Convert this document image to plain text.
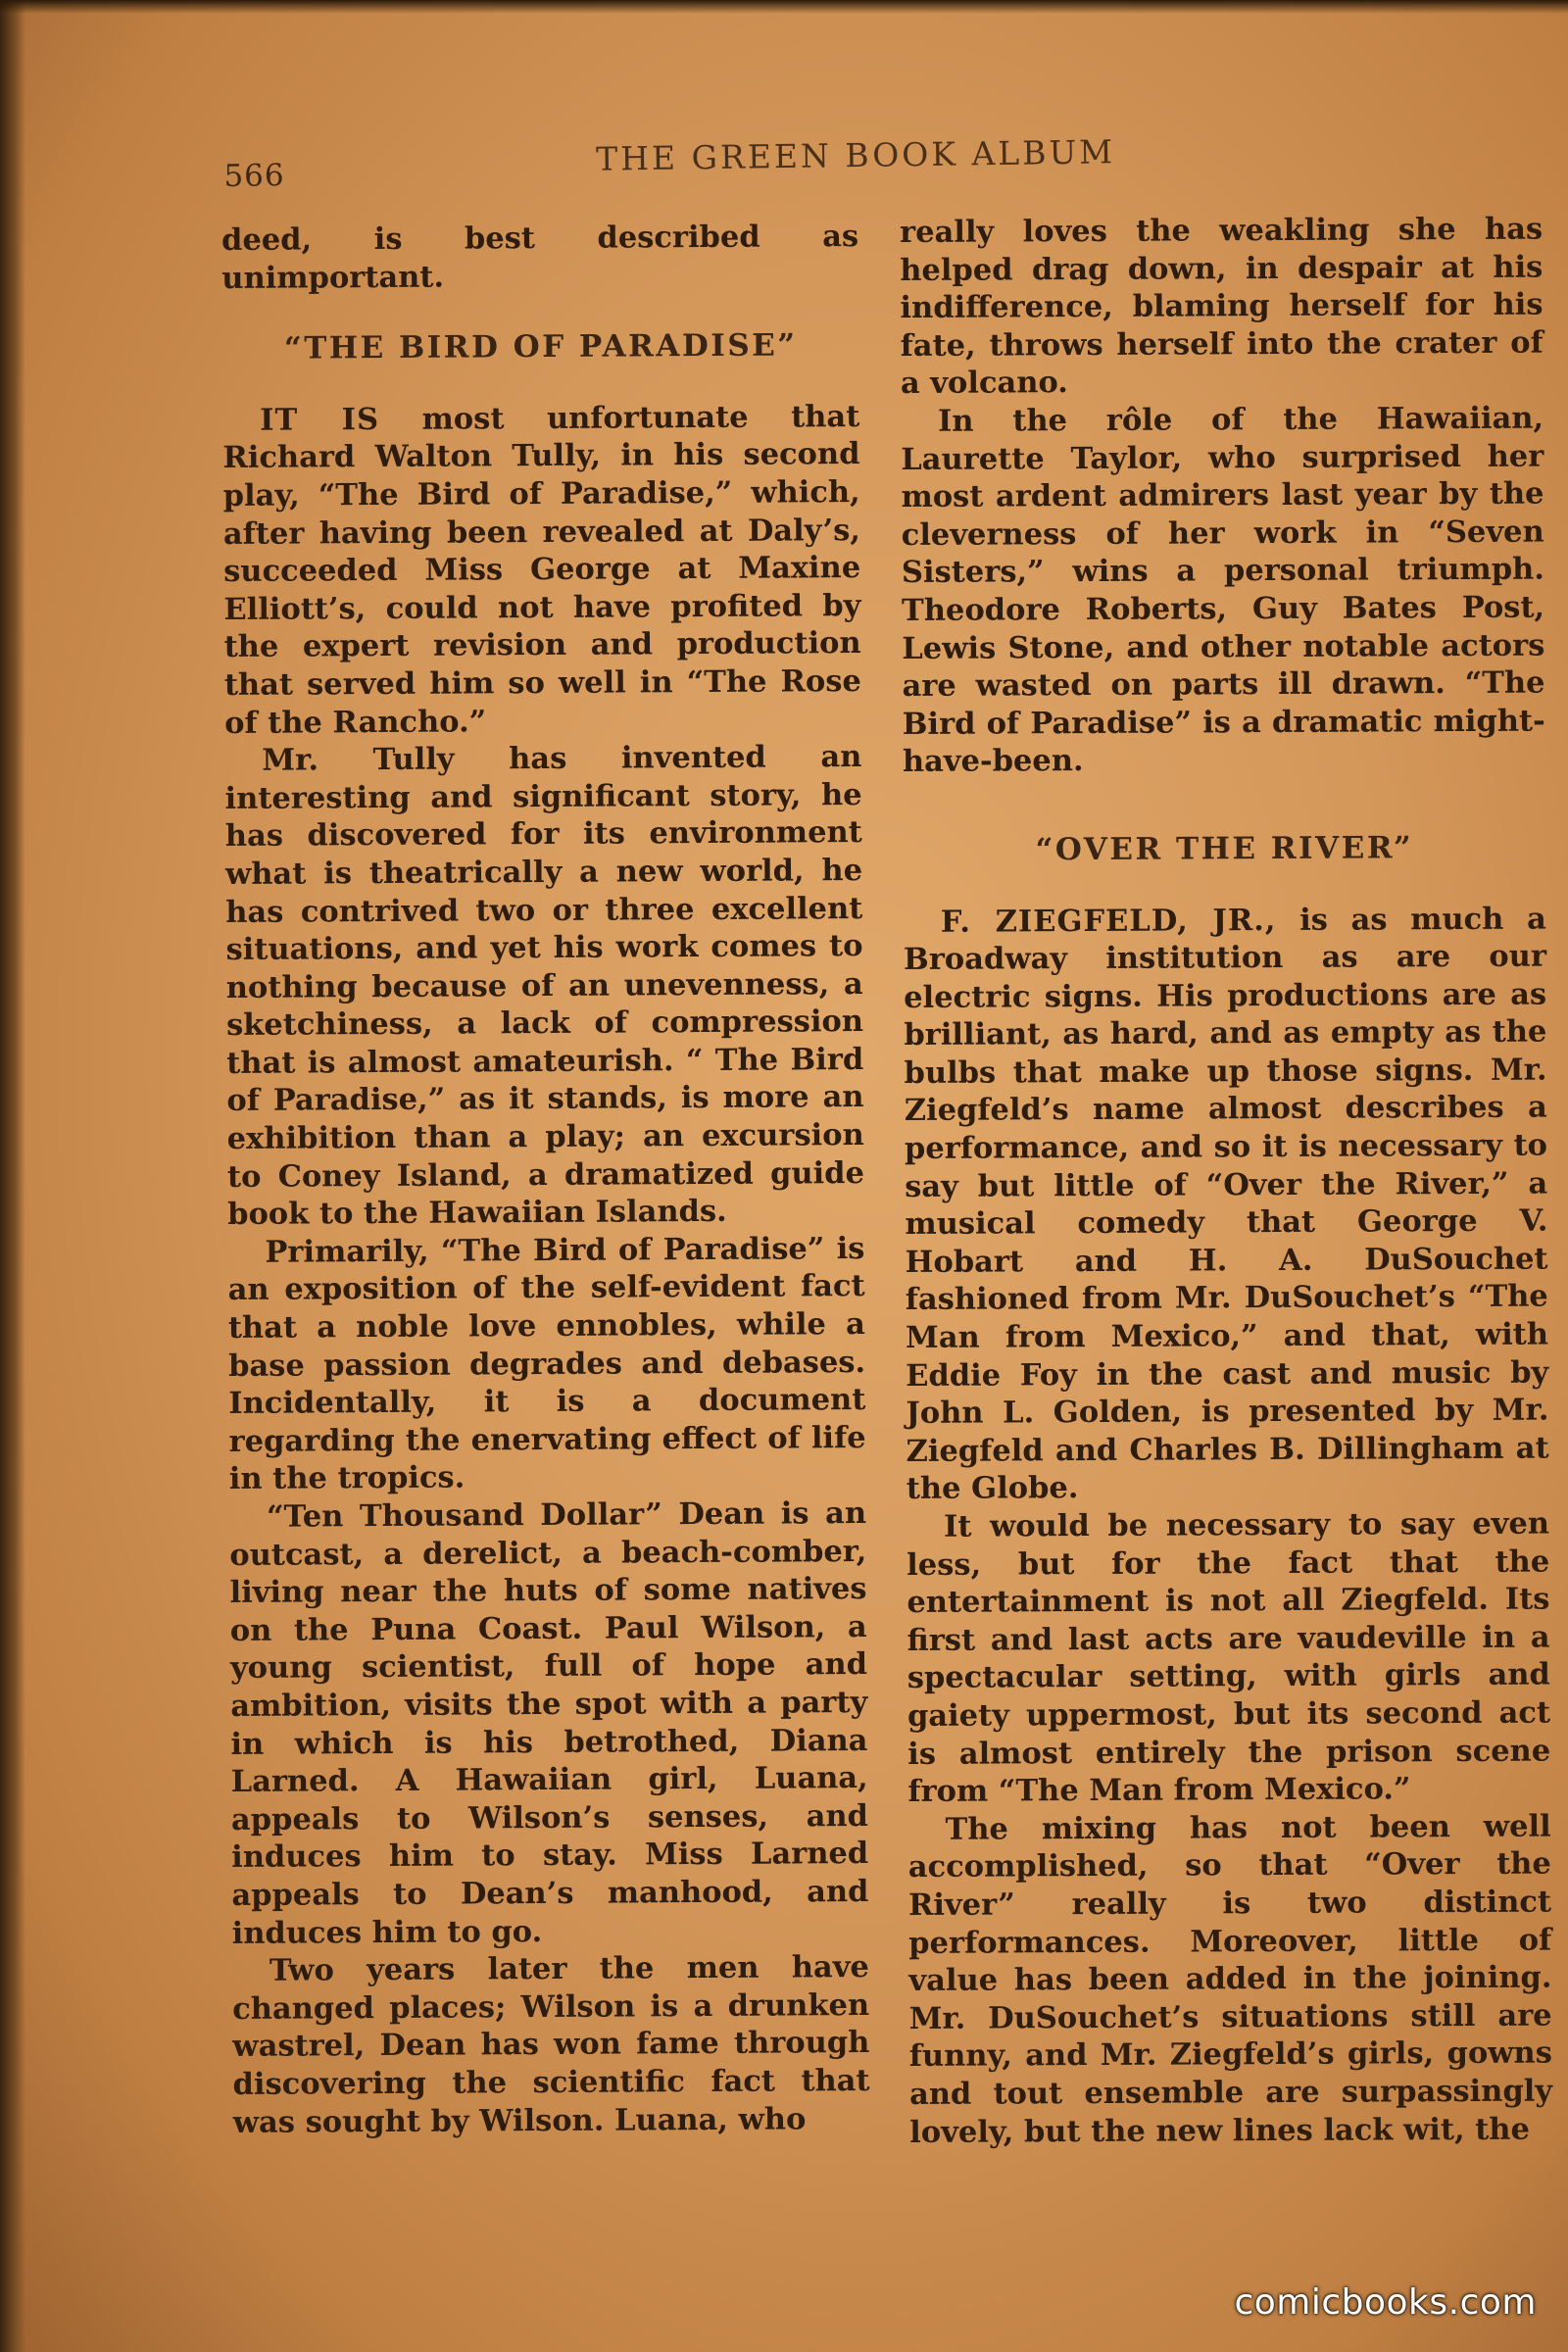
566	THE GREEN BOOK ALBUM

deed, is best described as unimportant.

“THE BIRD OF PARADISE”

IT IS most unfortunate that Richard Walton Tully, in his second play, “The Bird of Paradise,” which, after having been revealed at Daly’s, succeeded Miss George at Maxine Elliott’s, could not have profited by the expert revision and production that served him so well in “The Rose of the Rancho.”

Mr. Tully has invented an interesting and significant story, he has discovered for its environment what is theatrically a new world, he has contrived two or three excellent situations, and yet his work comes to nothing because of an unevenness, a sketchiness, a lack of compression that is almost amateurish. “ The Bird of Paradise,” as it stands, is more an exhibition than a play; an excursion to Coney Island, a dramatized guide book to the Hawaiian Islands.

Primarily, “The Bird of Paradise” is an exposition of the self-evident fact that a noble love ennobles, while a base passion degrades and debases. Incidentally, it is a document regarding the enervating effect of life in the tropics.

“Ten Thousand Dollar” Dean is an outcast, a derelict, a beach-comber, living near the huts of some natives on the Puna Coast. Paul Wilson, a young scientist, full of hope and ambition, visits the spot with a party in which is his betrothed, Diana Larned. A Hawaiian girl, Luana, appeals to Wilson’s senses, and induces him to stay. Miss Larned appeals to Dean’s manhood, and induces him to go.

Two years later the men have changed places; Wilson is a drunken wastrel, Dean has won fame through discovering the scientific fact that was sought by Wilson. Luana, who

really loves the weakling she has helped drag down, in despair at his indifference, blaming herself for his fate, throws herself into the crater of a volcano.

In the rôle of the Hawaiian, Laurette Taylor, who surprised her most ardent admirers last year by the cleverness of her work in “Seven Sisters,” wins a personal triumph. Theodore Roberts, Guy Bates Post, Lewis Stone, and other notable actors are wasted on parts ill drawn. “The Bird of Paradise” is a dramatic might-have-been.

“OVER THE RIVER”

F. ZIEGFELD, JR., is as much a Broadway institution as are our electric signs. His productions are as brilliant, as hard, and as empty as the bulbs that make up those signs. Mr. Ziegfeld’s name almost describes a performance, and so it is necessary to say but little of “Over the River,” a musical comedy that George V. Hobart and H. A. DuSouchet fashioned from Mr. DuSouchet’s “The Man from Mexico,” and that, with Eddie Foy in the cast and music by John L. Golden, is presented by Mr. Ziegfeld and Charles B. Dillingham at the Globe.

It would be necessary to say even less, but for the fact that the entertainment is not all Ziegfeld. Its first and last acts are vaudeville in a spectacular setting, with girls and gaiety uppermost, but its second act is almost entirely the prison scene from “The Man from Mexico.”

The mixing has not been well accomplished, so that “Over the River” really is two distinct performances. Moreover, little of value has been added in the joining. Mr. DuSouchet’s situations still are funny, and Mr. Ziegfeld’s girls, gowns and tout ensemble are surpassingly lovely, but the new lines lack wit, the

comicbooks.com
